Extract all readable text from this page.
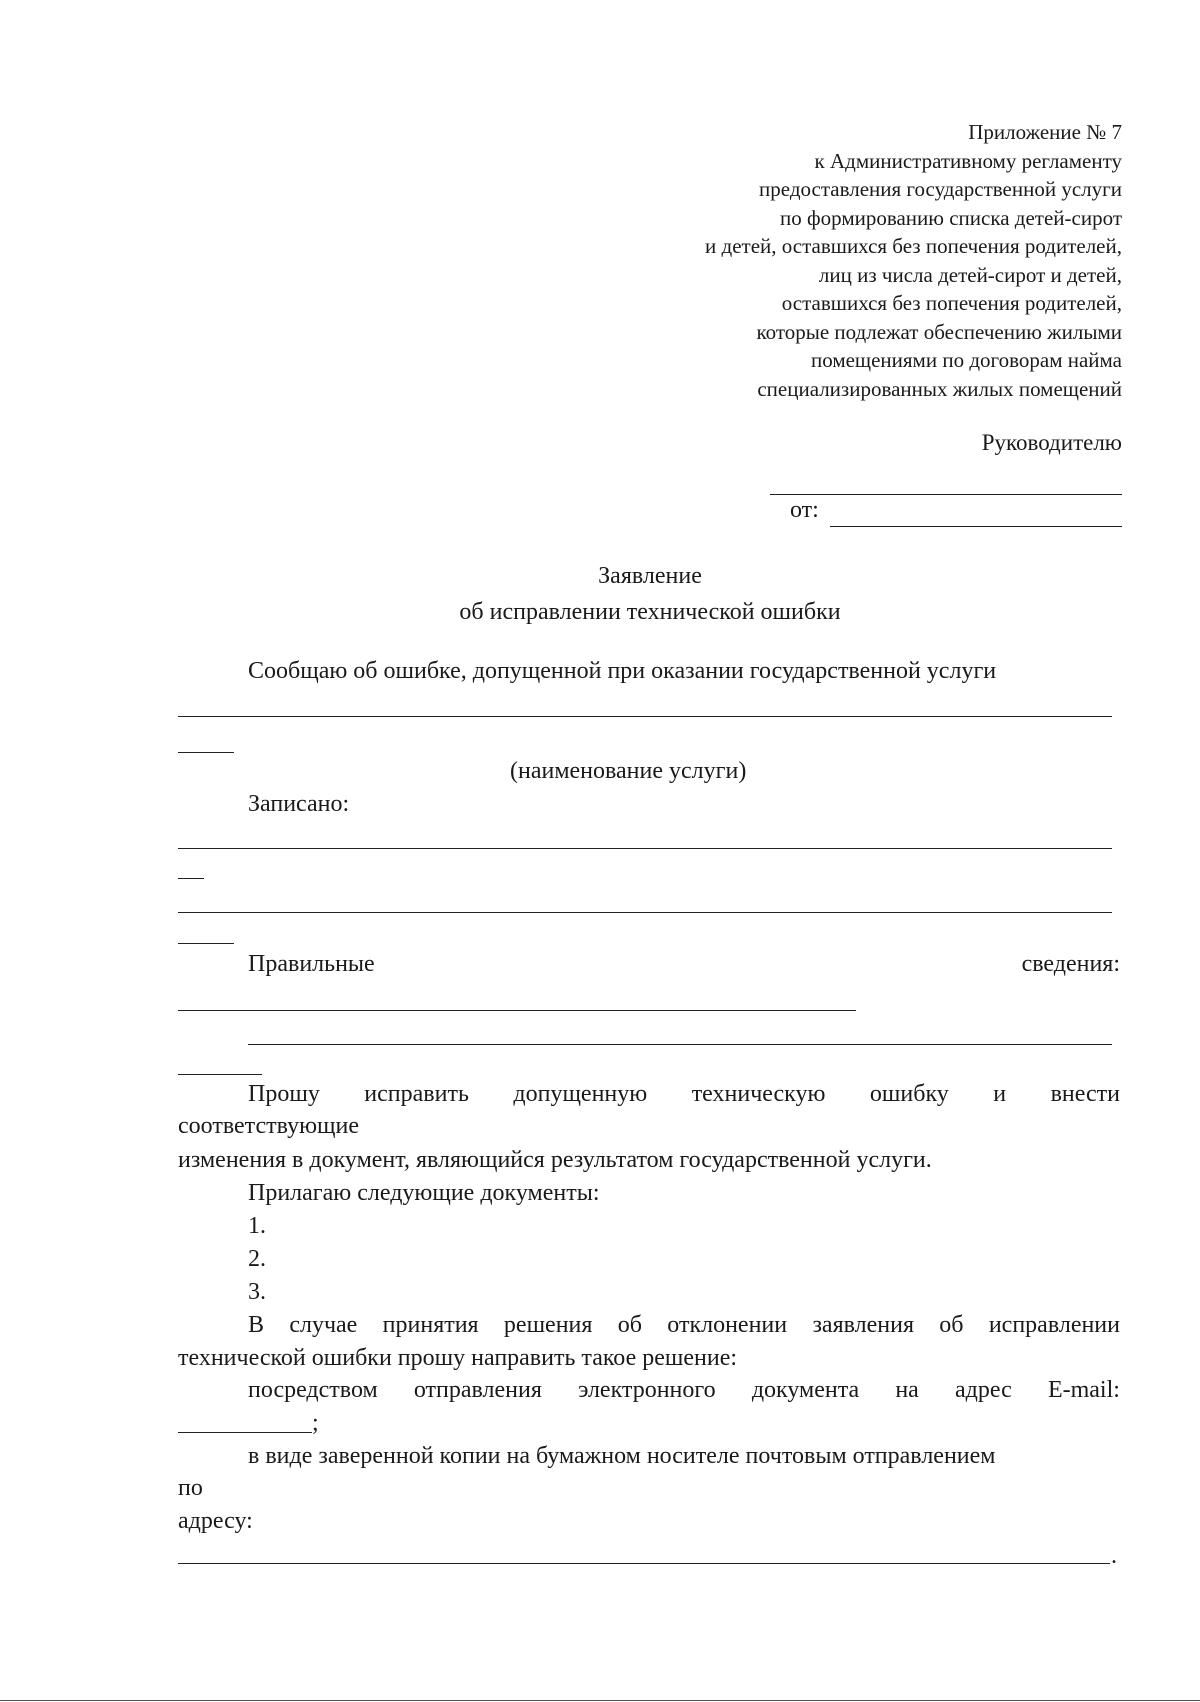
Приложение № 7
к Административному регламенту
предоставления государственной услуги
по формированию списка детей-сирот
и детей, оставшихся без попечения родителей,
лиц из числа детей-сирот и детей,
оставшихся без попечения родителей,
которые подлежат обеспечению жилыми
помещениями по договорам найма
специализированных жилых помещений
Руководителю
от:
Заявление
об исправлении технической ошибки
Сообщаю об ошибке, допущенной при оказании государственной услуги
(наименование услуги)
Записано:
Правильные	сведения:
Прошу исправить допущенную техническую ошибку и внести
соответствующие
изменения в документ, являющийся результатом государственной услуги.
Прилагаю следующие документы:
1.
2.
3.
В случае принятия решения об отклонении заявления об исправлении
технической ошибки прошу направить такое решение:
посредством отправления электронного документа на адрес E-mail:
;
в виде заверенной копии на бумажном носителе почтовым отправлением
по
адресу:
.
